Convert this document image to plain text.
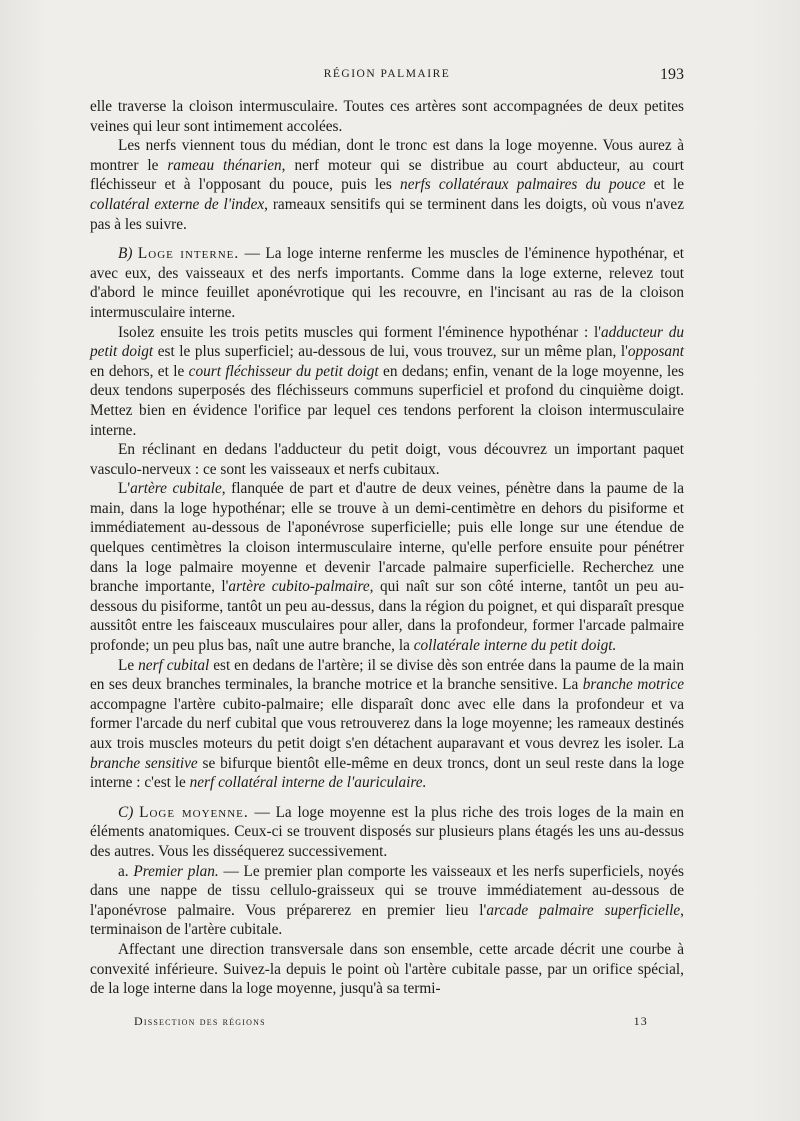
RÉGION PALMAIRE	193

elle traverse la cloison intermusculaire. Toutes ces artères sont accompagnées de deux petites veines qui leur sont intimement accolées.

Les nerfs viennent tous du médian, dont le tronc est dans la loge moyenne. Vous aurez à montrer le rameau thénarien, nerf moteur qui se distribue au court abducteur, au court fléchisseur et à l'opposant du pouce, puis les nerfs collatéraux palmaires du pouce et le collatéral externe de l'index, rameaux sensitifs qui se terminent dans les doigts, où vous n'avez pas à les suivre.

B) Loge interne. — La loge interne renferme les muscles de l'éminence hypothénar, et avec eux, des vaisseaux et des nerfs importants. Comme dans la loge externe, relevez tout d'abord le mince feuillet aponévrotique qui les recouvre, en l'incisant au ras de la cloison intermusculaire interne.

Isolez ensuite les trois petits muscles qui forment l'éminence hypothénar : l'adducteur du petit doigt est le plus superficiel; au-dessous de lui, vous trouvez, sur un même plan, l'opposant en dehors, et le court fléchisseur du petit doigt en dedans; enfin, venant de la loge moyenne, les deux tendons superposés des fléchisseurs communs superficiel et profond du cinquième doigt. Mettez bien en évidence l'orifice par lequel ces tendons perforent la cloison intermusculaire interne.

En réclinant en dedans l'adducteur du petit doigt, vous découvrez un important paquet vasculo-nerveux : ce sont les vaisseaux et nerfs cubitaux.

L'artère cubitale, flanquée de part et d'autre de deux veines, pénètre dans la paume de la main, dans la loge hypothénar; elle se trouve à un demi-centimètre en dehors du pisiforme et immédiatement au-dessous de l'aponévrose superficielle; puis elle longe sur une étendue de quelques centimètres la cloison intermusculaire interne, qu'elle perfore ensuite pour pénétrer dans la loge palmaire moyenne et devenir l'arcade palmaire superficielle. Recherchez une branche importante, l'artère cubito-palmaire, qui naît sur son côté interne, tantôt un peu au-dessous du pisiforme, tantôt un peu au-dessus, dans la région du poignet, et qui disparaît presque aussitôt entre les faisceaux musculaires pour aller, dans la profondeur, former l'arcade palmaire profonde; un peu plus bas, naît une autre branche, la collatérale interne du petit doigt.

Le nerf cubital est en dedans de l'artère; il se divise dès son entrée dans la paume de la main en ses deux branches terminales, la branche motrice et la branche sensitive. La branche motrice accompagne l'artère cubito-palmaire; elle disparaît donc avec elle dans la profondeur et va former l'arcade du nerf cubital que vous retrouverez dans la loge moyenne; les rameaux destinés aux trois muscles moteurs du petit doigt s'en détachent auparavant et vous devrez les isoler. La branche sensitive se bifurque bientôt elle-même en deux troncs, dont un seul reste dans la loge interne : c'est le nerf collatéral interne de l'auriculaire.

C) Loge moyenne. — La loge moyenne est la plus riche des trois loges de la main en éléments anatomiques. Ceux-ci se trouvent disposés sur plusieurs plans étagés les uns au-dessus des autres. Vous les disséquerez successivement.

a. Premier plan. — Le premier plan comporte les vaisseaux et les nerfs superficiels, noyés dans une nappe de tissu cellulo-graisseux qui se trouve immédiatement au-dessous de l'aponévrose palmaire. Vous préparerez en premier lieu l'arcade palmaire superficielle, terminaison de l'artère cubitale.

Affectant une direction transversale dans son ensemble, cette arcade décrit une courbe à convexité inférieure. Suivez-la depuis le point où l'artère cubitale passe, par un orifice spécial, de la loge interne dans la loge moyenne, jusqu'à sa termi-

Dissection des régions	13
